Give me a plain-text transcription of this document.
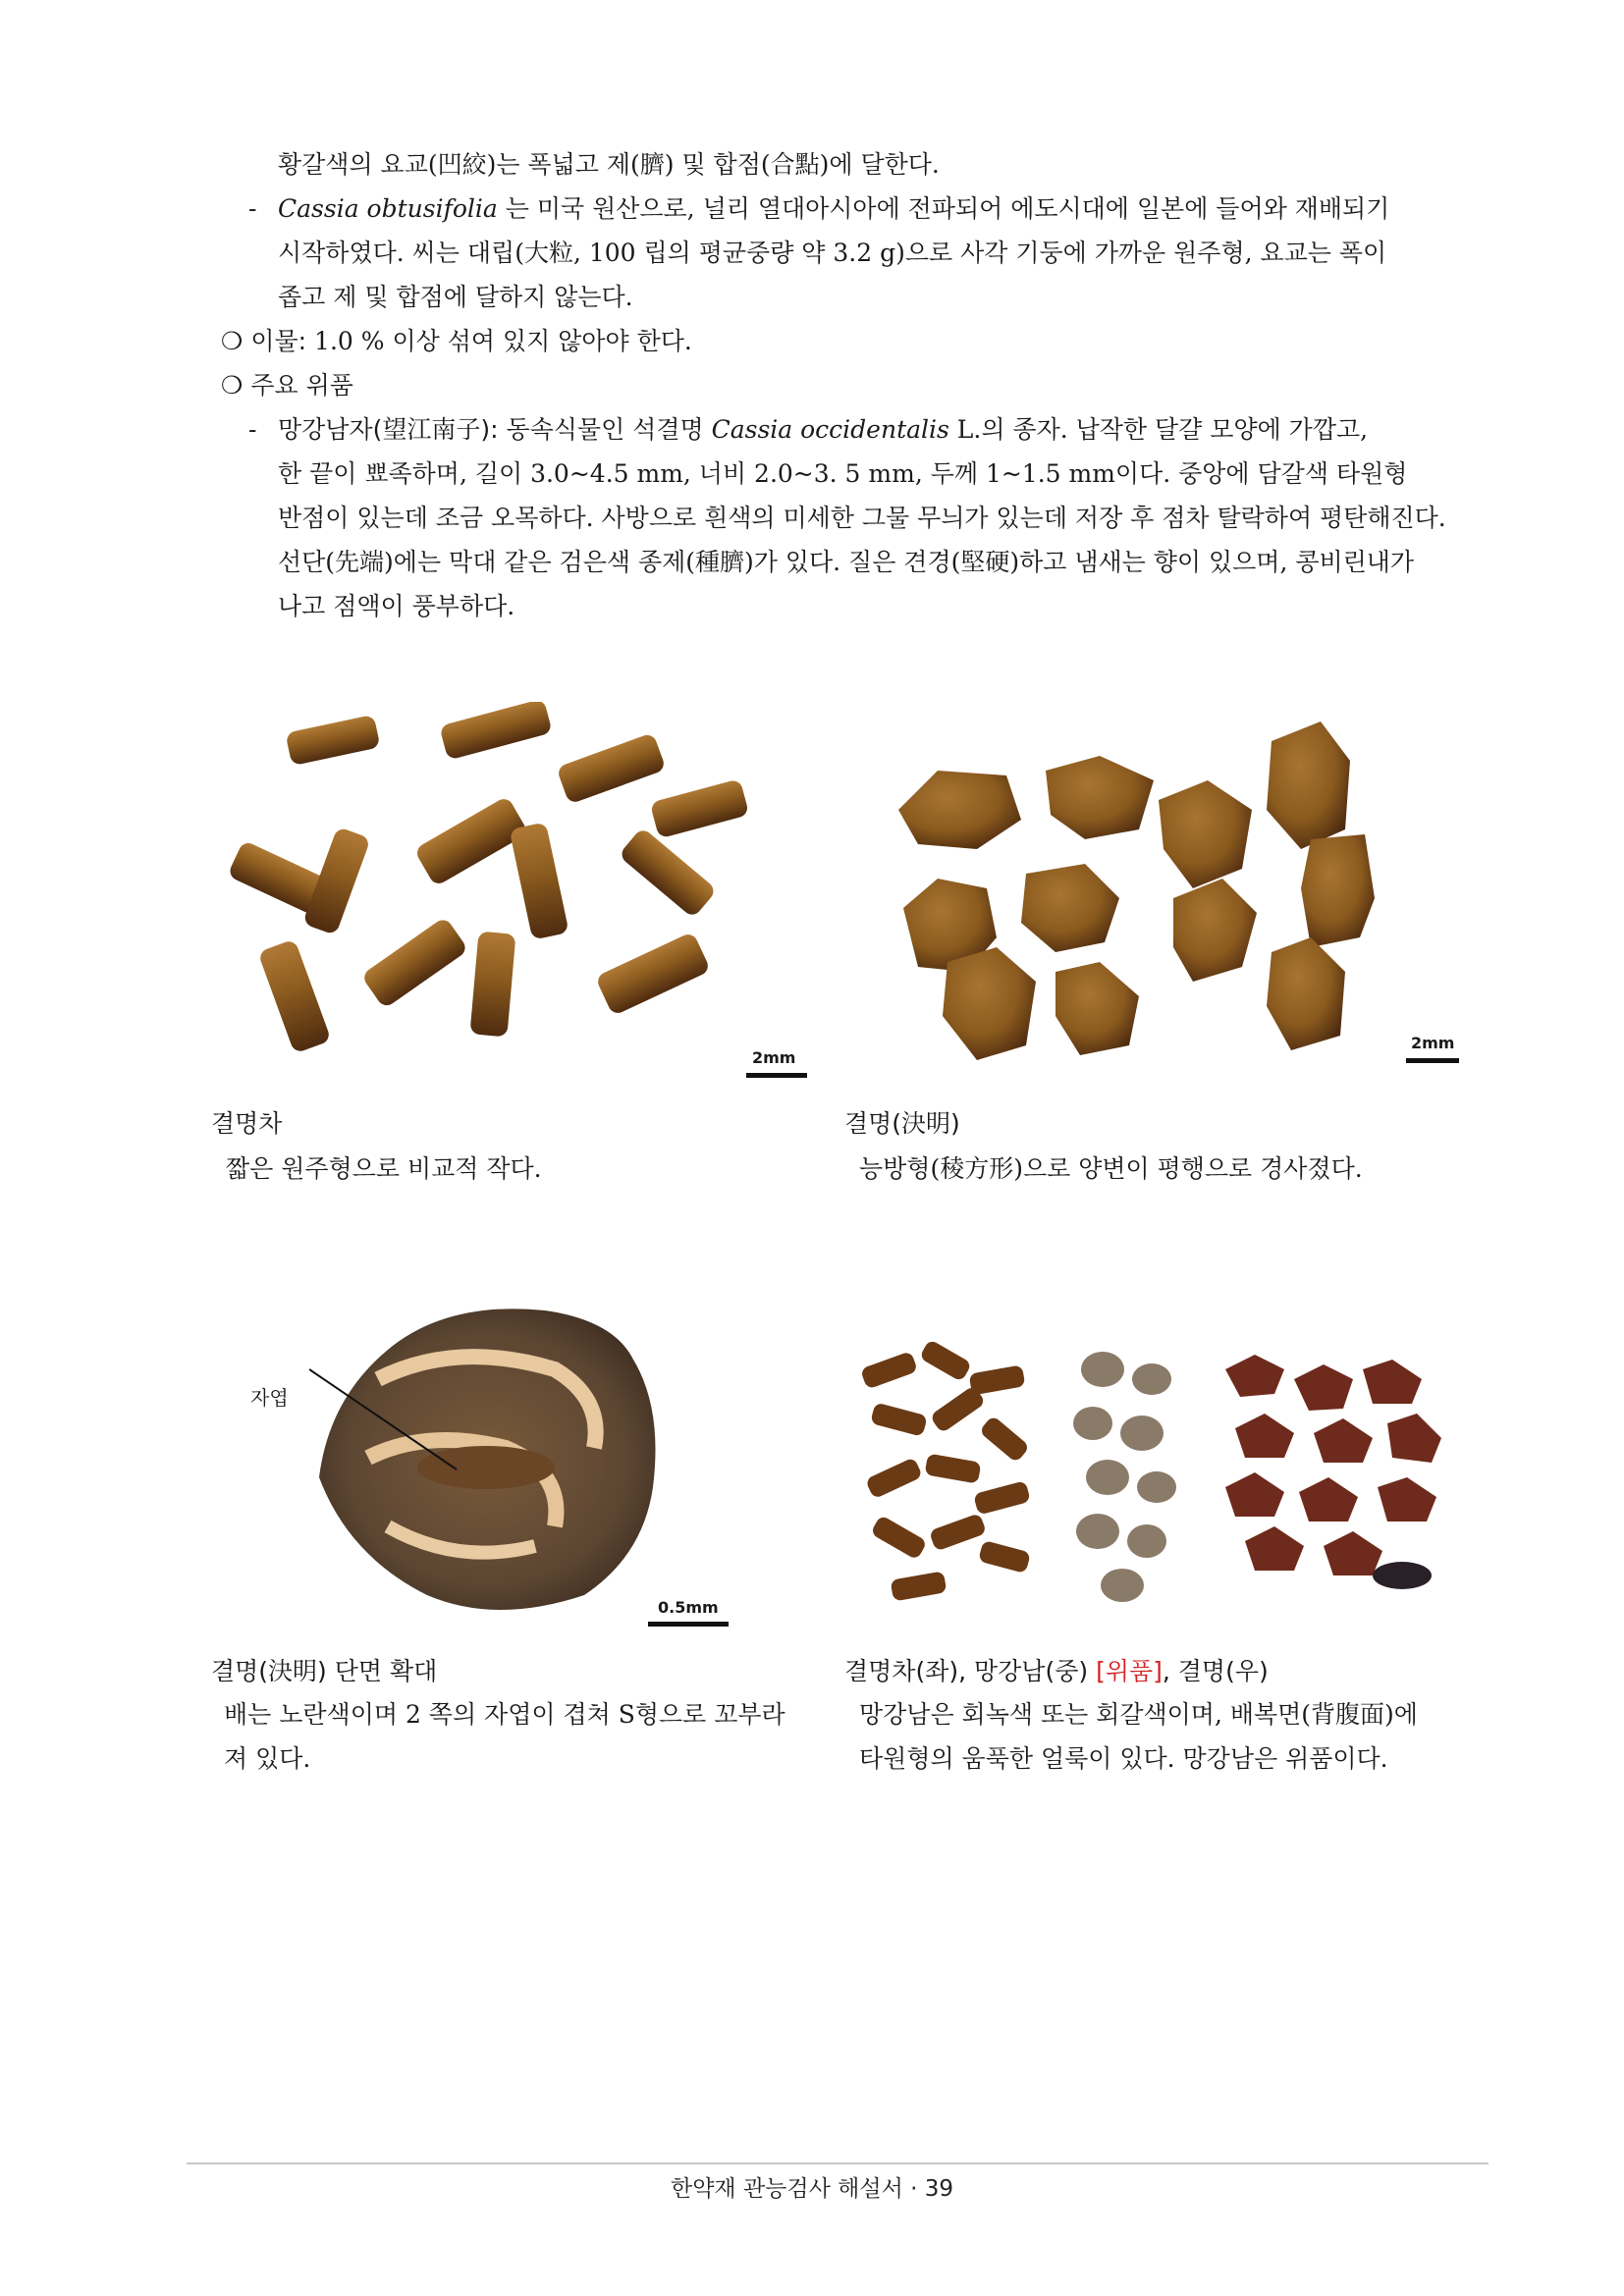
황갈색의 요교(凹絞)는 폭넓고 제(臍) 및 합점(合點)에 달한다.
- Cassia obtusifolia 는 미국 원산으로, 널리 열대아시아에 전파되어 에도시대에 일본에 들어와 재배되기
시작하였다. 씨는 대립(大粒, 100 립의 평균중량 약 3.2 g)으로 사각 기둥에 가까운 원주형, 요교는 폭이
좁고 제 및 합점에 달하지 않는다.
❍ 이물: 1.0 % 이상 섞여 있지 않아야 한다.
❍ 주요 위품
- 망강남자(望江南子): 동속식물인 석결명 Cassia occidentalis L.의 종자. 납작한 달걀 모양에 가깝고,
한 끝이 뾰족하며, 길이 3.0~4.5 mm, 너비 2.0~3. 5 mm, 두께 1~1.5 mm이다. 중앙에 담갈색 타원형
반점이 있는데 조금 오목하다. 사방으로 흰색의 미세한 그물 무늬가 있는데 저장 후 점차 탈락하여 평탄해진다.
선단(先端)에는 막대 같은 검은색 종제(種臍)가 있다. 질은 견경(堅硬)하고 냄새는 향이 있으며, 콩비린내가
나고 점액이 풍부하다.
2mm
2mm
결명차
짧은 원주형으로 비교적 작다.
결명(決明)
능방형(稜方形)으로 양변이 평행으로 경사졌다.
자엽
0.5mm
결명(決明) 단면 확대
배는 노란색이며 2 쪽의 자엽이 겹쳐 S형으로 꼬부라
져 있다.
결명차(좌), 망강남(중) [위품], 결명(우)
망강남은 회녹색 또는 회갈색이며, 배복면(背腹面)에
타원형의 움푹한 얼룩이 있다. 망강남은 위품이다.
한약재 관능검사 해설서 · 39
